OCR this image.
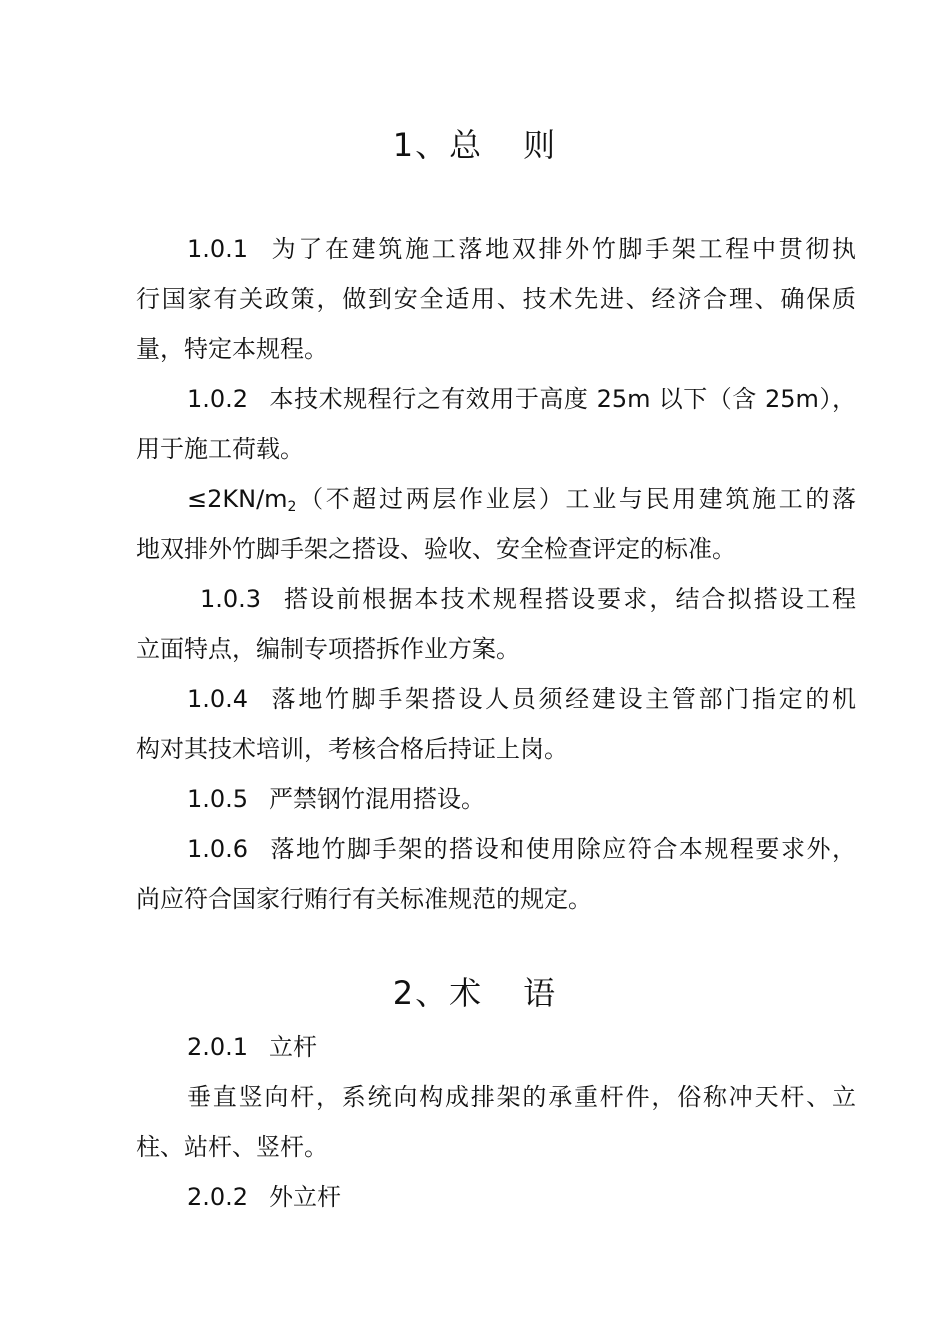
1、总 则
1.0.1 为了在建筑施工落地双排外竹脚手架工程中贯彻执
行国家有关政策，做到安全适用、技术先进、经济合理、确保质
量，特定本规程。
1.0.2 本技术规程行之有效用于高度 25m 以下（含 25m），
用于施工荷载。
$\le 2KN/m_2$（不超过两层作业层）工业与民用建筑施工的落
地双排外竹脚手架之搭设、验收、安全检查评定的标准。
1.0.3 搭设前根据本技术规程搭设要求，结合拟搭设工程
立面特点，编制专项搭拆作业方案。
1.0.4 落地竹脚手架搭设人员须经建设主管部门指定的机
构对其技术培训，考核合格后持证上岗。
1.0.5 严禁钢竹混用搭设。
1.0.6 落地竹脚手架的搭设和使用除应符合本规程要求外，
尚应符合国家行贿行有关标准规范的规定。
2、术 语
2.0.1 立杆
垂直竖向杆，系统向构成排架的承重杆件，俗称冲天杆、立
柱、站杆、竖杆。
2.0.2 外立杆
